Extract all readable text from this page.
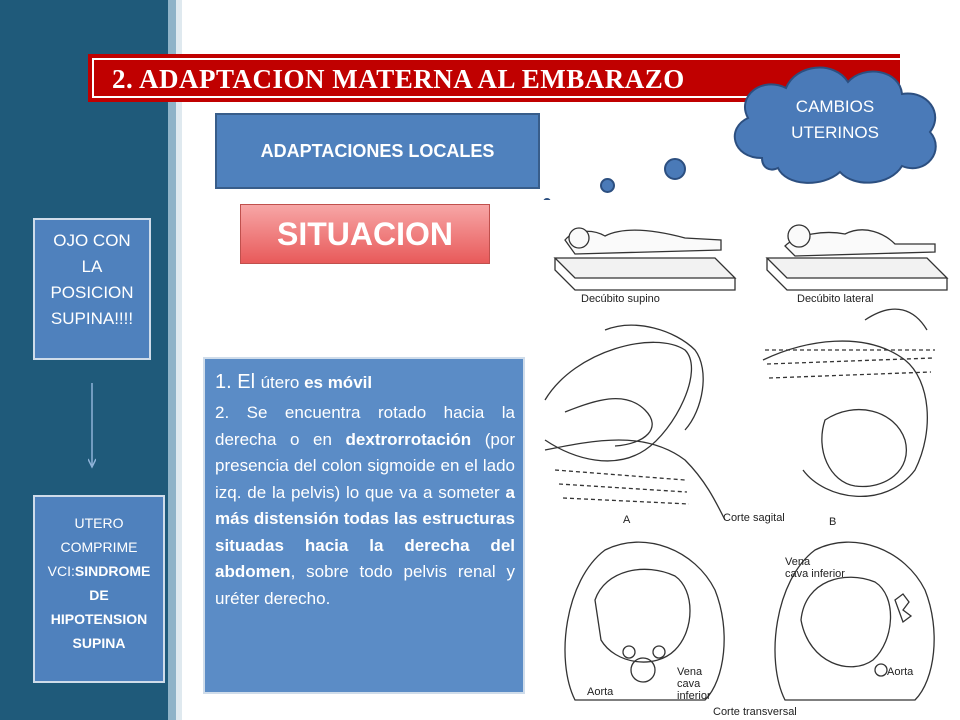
2. ADAPTACION MATERNA AL EMBARAZO
CAMBIOS
UTERINOS
ADAPTACIONES LOCALES
SITUACION
OJO CON
LA
POSICION
SUPINA!!!!
UTERO
COMPRIME
VCI:SINDROME
DE
HIPOTENSION
SUPINA
1. El útero es móvil
2. Se encuentra rotado hacia la derecha o en dextrorrotación (por presencia del colon sigmoide en el lado izq. de la pelvis) lo que va a someter a más distensión todas las estructuras situadas hacia la derecha del abdomen, sobre todo pelvis renal y uréter derecho.
Decúbito supino	Decúbito lateral
A	Corte sagital	B
Vena
cava inferior
Aorta
Vena
cava
inferior
Aorta
Corte transversal
